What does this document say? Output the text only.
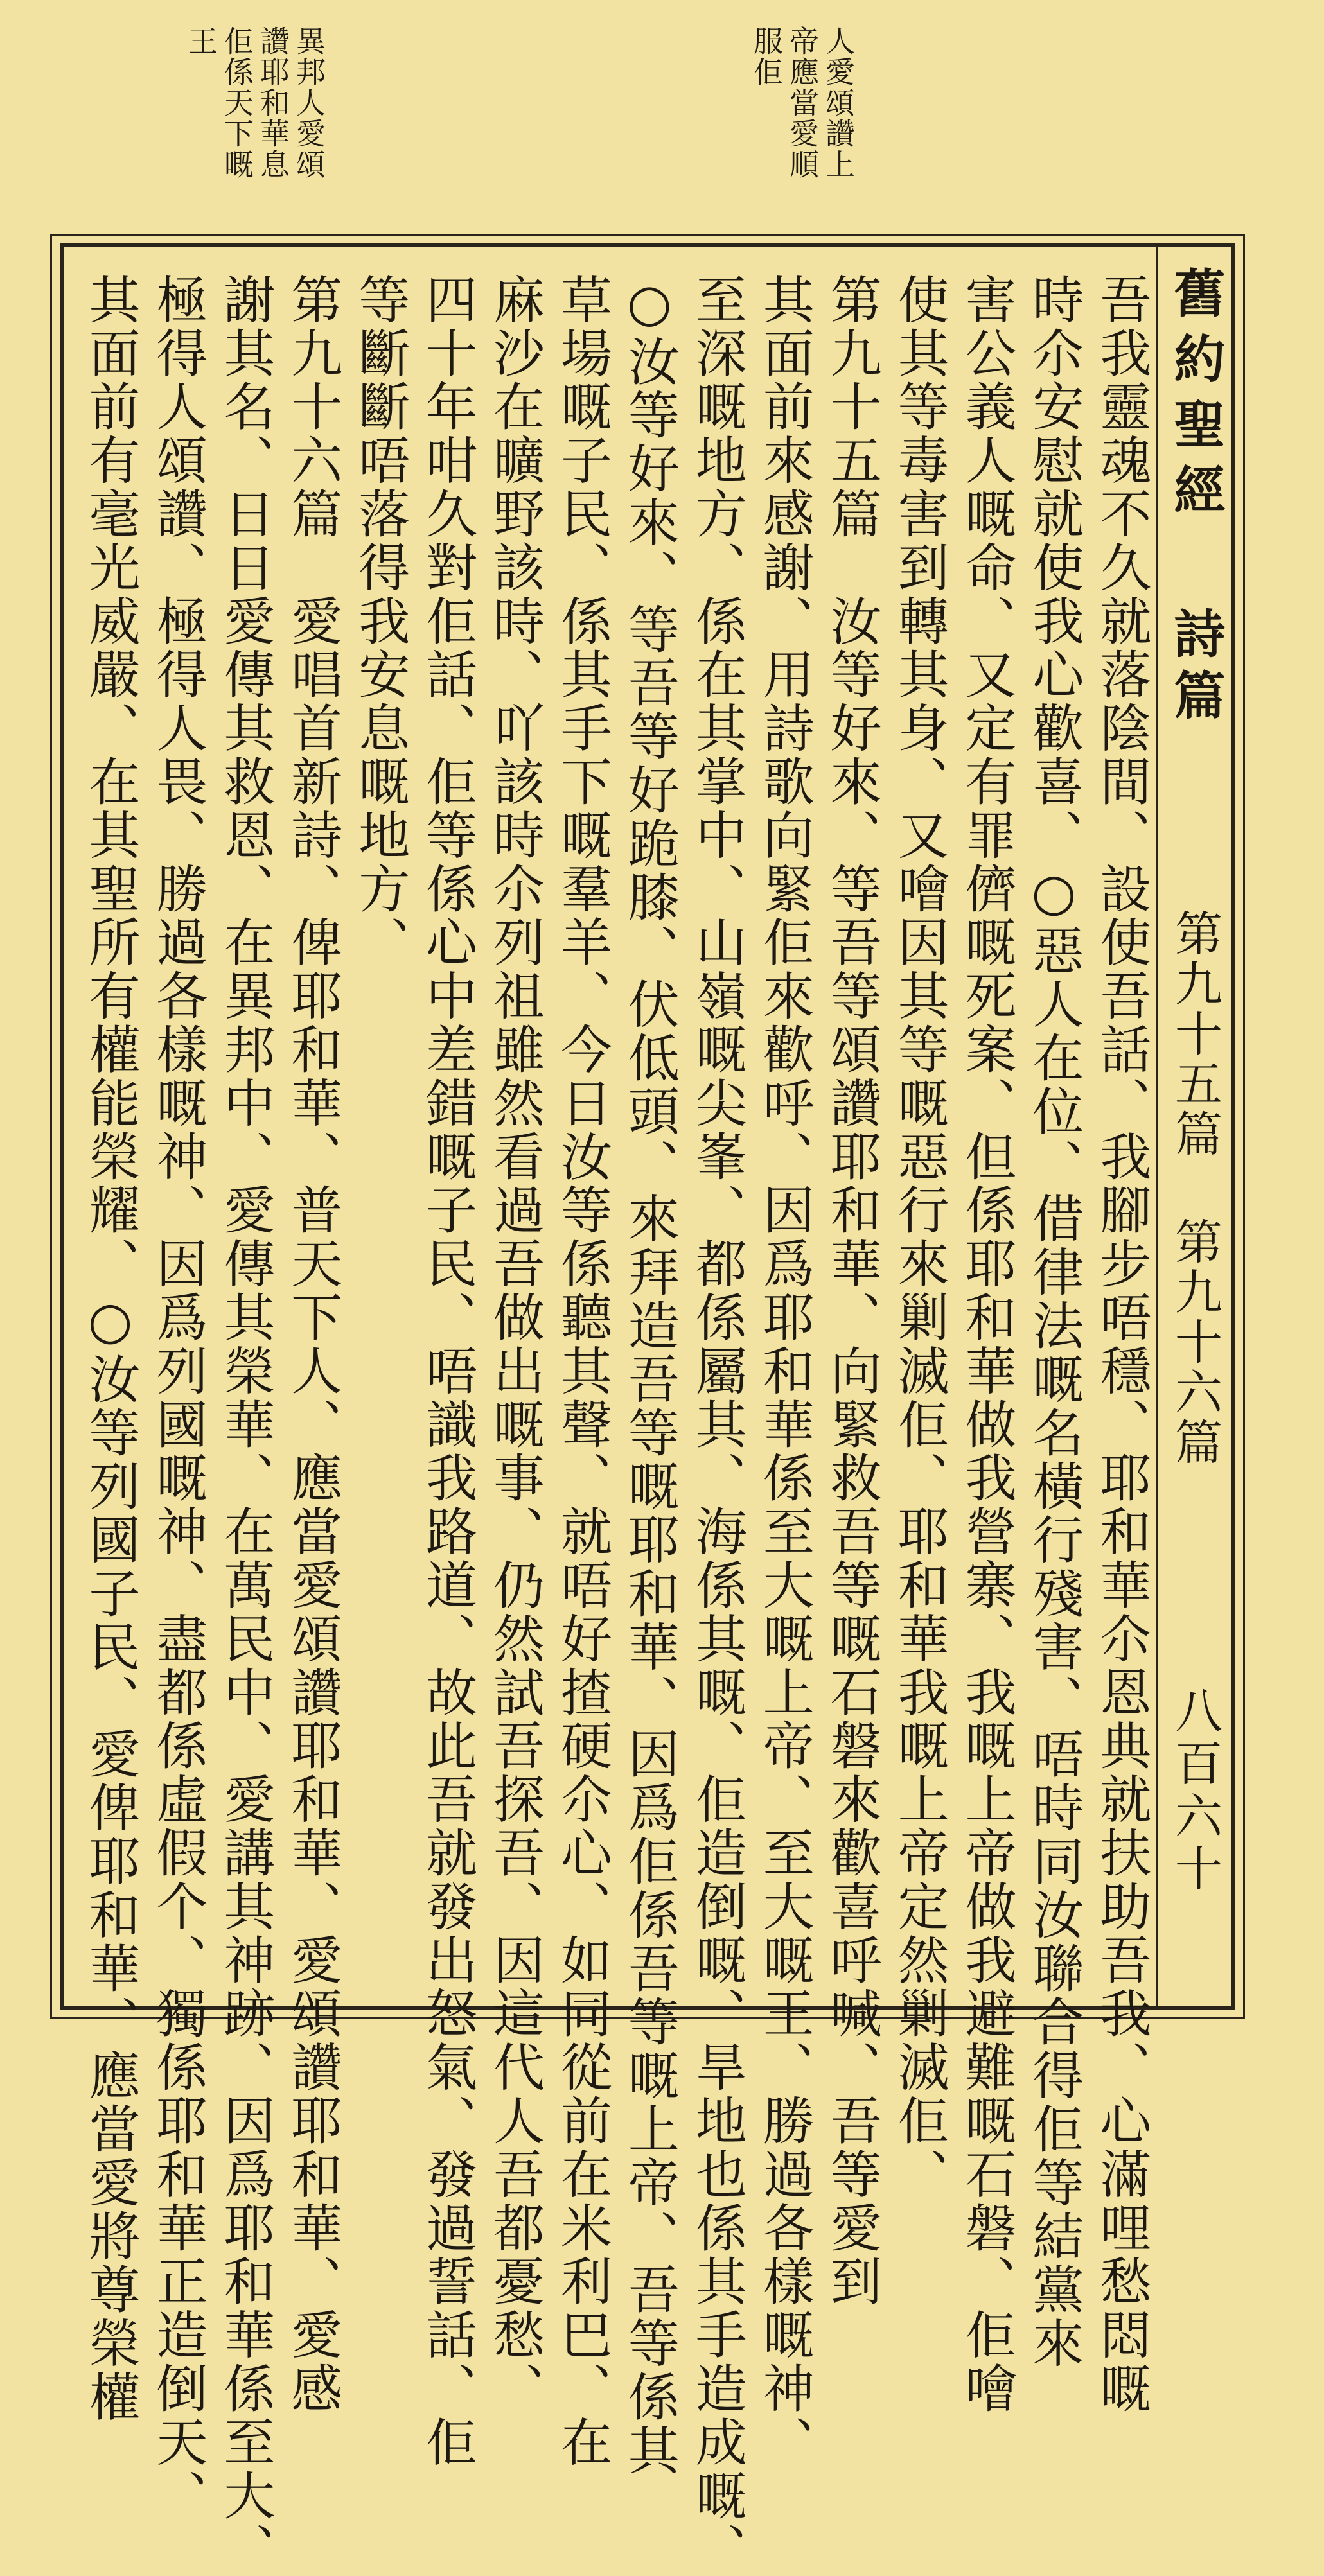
人愛頌讚上
帝應當愛順
服佢
異邦人愛頌
讚耶和華息
佢係天下嘅
王
舊約聖經
詩篇
第九十五篇 第九十六篇
八百六十
吾我靈魂不久就落陰間、設使吾話、我腳步唔穩、耶和華尒恩典就扶助吾我、心滿哩愁悶嘅
時尒安慰就使我心歡喜、○惡人在位、借律法嘅名橫行殘害、唔時同汝聯合得佢等結黨來
害公義人嘅命、又定有罪儕嘅死案、但係耶和華做我營寨、我嘅上帝做我避難嘅石磐、佢噲
使其等毒害到轉其身、又噲因其等嘅惡行來剿滅佢、耶和華我嘅上帝定然剿滅佢、
第九十五篇　汝等好來、等吾等頌讚耶和華、向緊救吾等嘅石磐來歡喜呼喊、吾等愛到
其面前來感謝、用詩歌向緊佢來歡呼、因爲耶和華係至大嘅上帝、至大嘅王、勝過各樣嘅神、
至深嘅地方、係在其掌中、山嶺嘅尖峯、都係屬其、海係其嘅、佢造倒嘅、旱地也係其手造成嘅、
○汝等好來、等吾等好跪膝、伏低頭、來拜造吾等嘅耶和華、因爲佢係吾等嘅上帝、吾等係其
草場嘅子民、係其手下嘅羣羊、今日汝等係聽其聲、就唔好揸硬尒心、如同從前在米利巴、在
麻沙在曠野該時、吖該時尒列祖雖然看過吾做出嘅事、仍然試吾探吾、因這代人吾都憂愁、
四十年咁久對佢話、佢等係心中差錯嘅子民、唔識我路道、故此吾就發出怒氣、發過誓話、佢
等斷斷唔落得我安息嘅地方、
第九十六篇　愛唱首新詩、俾耶和華、普天下人、應當愛頌讚耶和華、愛頌讚耶和華、愛感
謝其名、日日愛傳其救恩、在異邦中、愛傳其榮華、在萬民中、愛講其神跡、因爲耶和華係至大、
極得人頌讚、極得人畏、勝過各樣嘅神、因爲列國嘅神、盡都係虛假个、獨係耶和華正造倒天、
其面前有毫光威嚴、在其聖所有權能榮耀、○汝等列國子民、愛俾耶和華、應當愛將尊榮權
